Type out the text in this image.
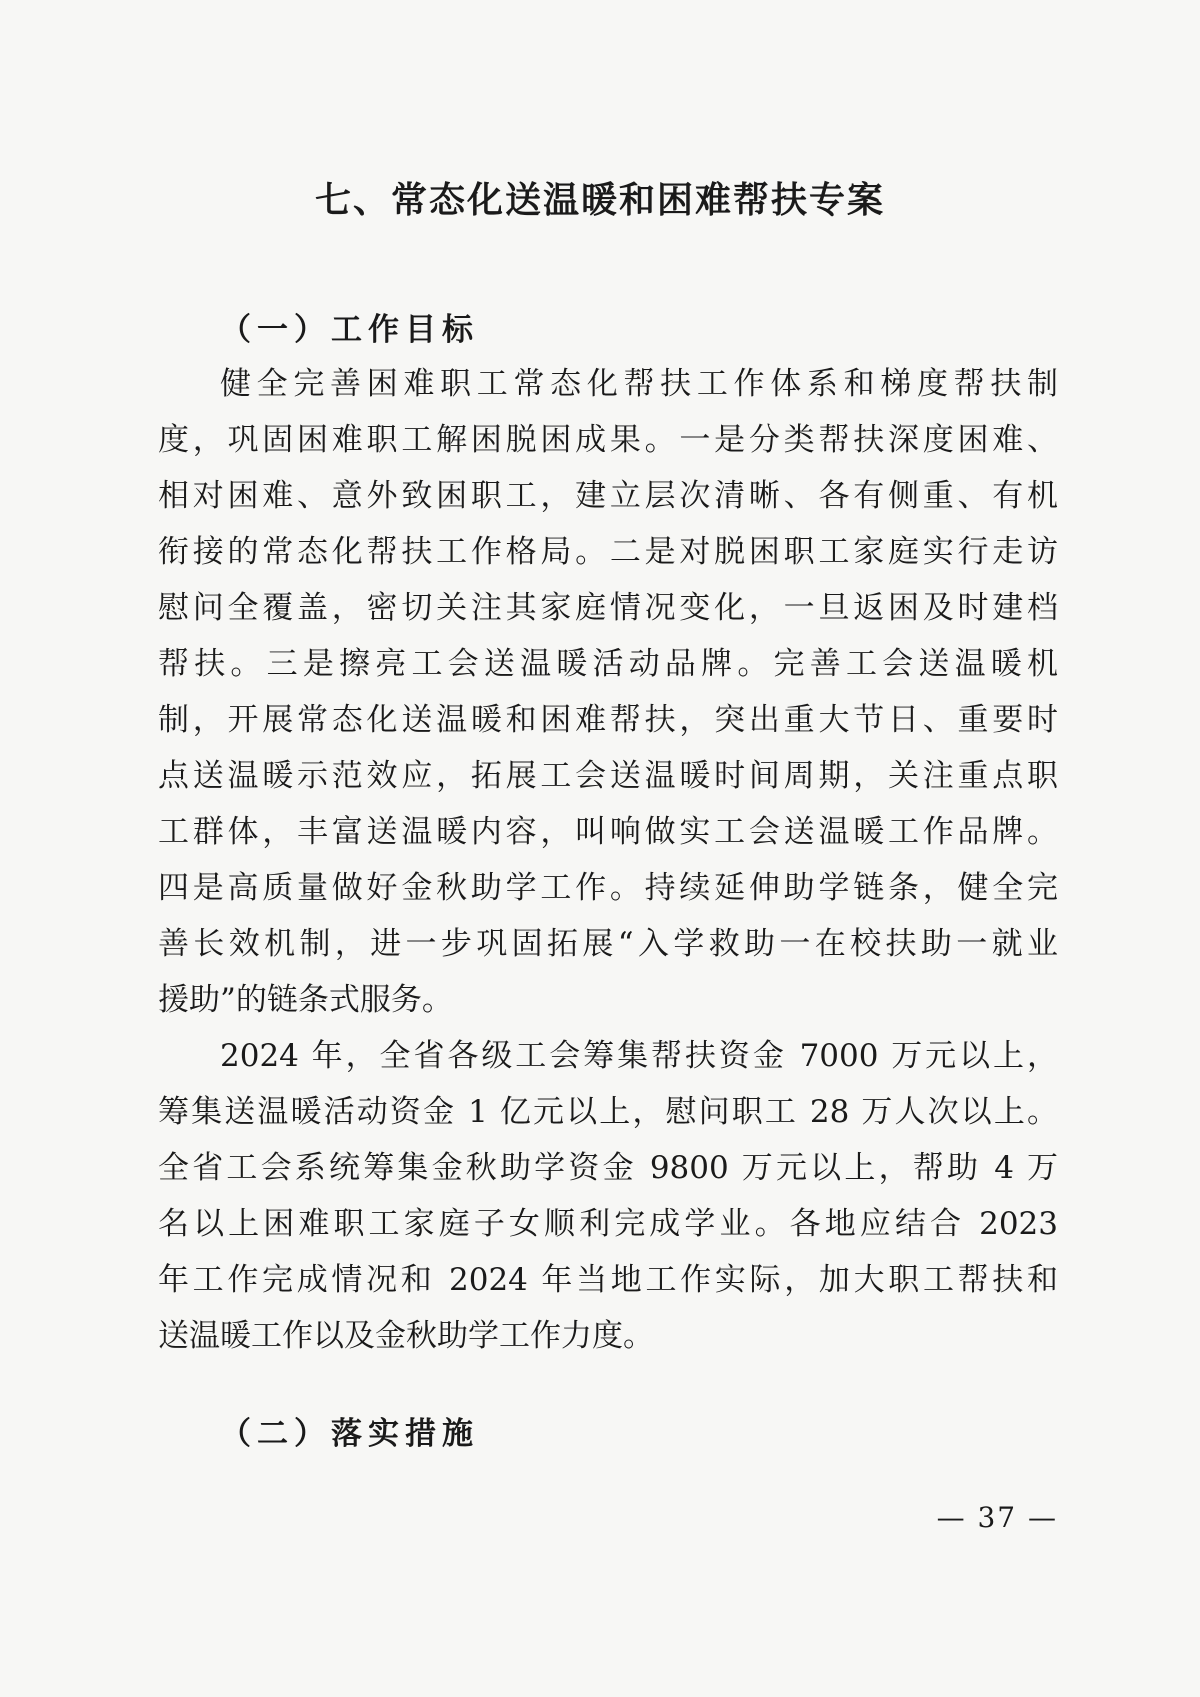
七、常态化送温暖和困难帮扶专案
（一）工作目标
健全完善困难职工常态化帮扶工作体系和梯度帮扶制
度，巩固困难职工解困脱困成果。一是分类帮扶深度困难、
相对困难、意外致困职工，建立层次清晰、各有侧重、有机
衔接的常态化帮扶工作格局。二是对脱困职工家庭实行走访
慰问全覆盖，密切关注其家庭情况变化，一旦返困及时建档
帮扶。三是擦亮工会送温暖活动品牌。完善工会送温暖机
制，开展常态化送温暖和困难帮扶，突出重大节日、重要时
点送温暖示范效应，拓展工会送温暖时间周期，关注重点职
工群体，丰富送温暖内容，叫响做实工会送温暖工作品牌。
四是高质量做好金秋助学工作。持续延伸助学链条，健全完
善长效机制，进一步巩固拓展“入学救助一在校扶助一就业
援助”的链条式服务。
2024 年，全省各级工会筹集帮扶资金 7000 万元以上，
筹集送温暖活动资金 1 亿元以上，慰问职工 28 万人次以上。
全省工会系统筹集金秋助学资金 9800 万元以上，帮助 4 万
名以上困难职工家庭子女顺利完成学业。各地应结合 2023
年工作完成情况和 2024 年当地工作实际，加大职工帮扶和
送温暖工作以及金秋助学工作力度。
（二）落实措施
— 37 —
